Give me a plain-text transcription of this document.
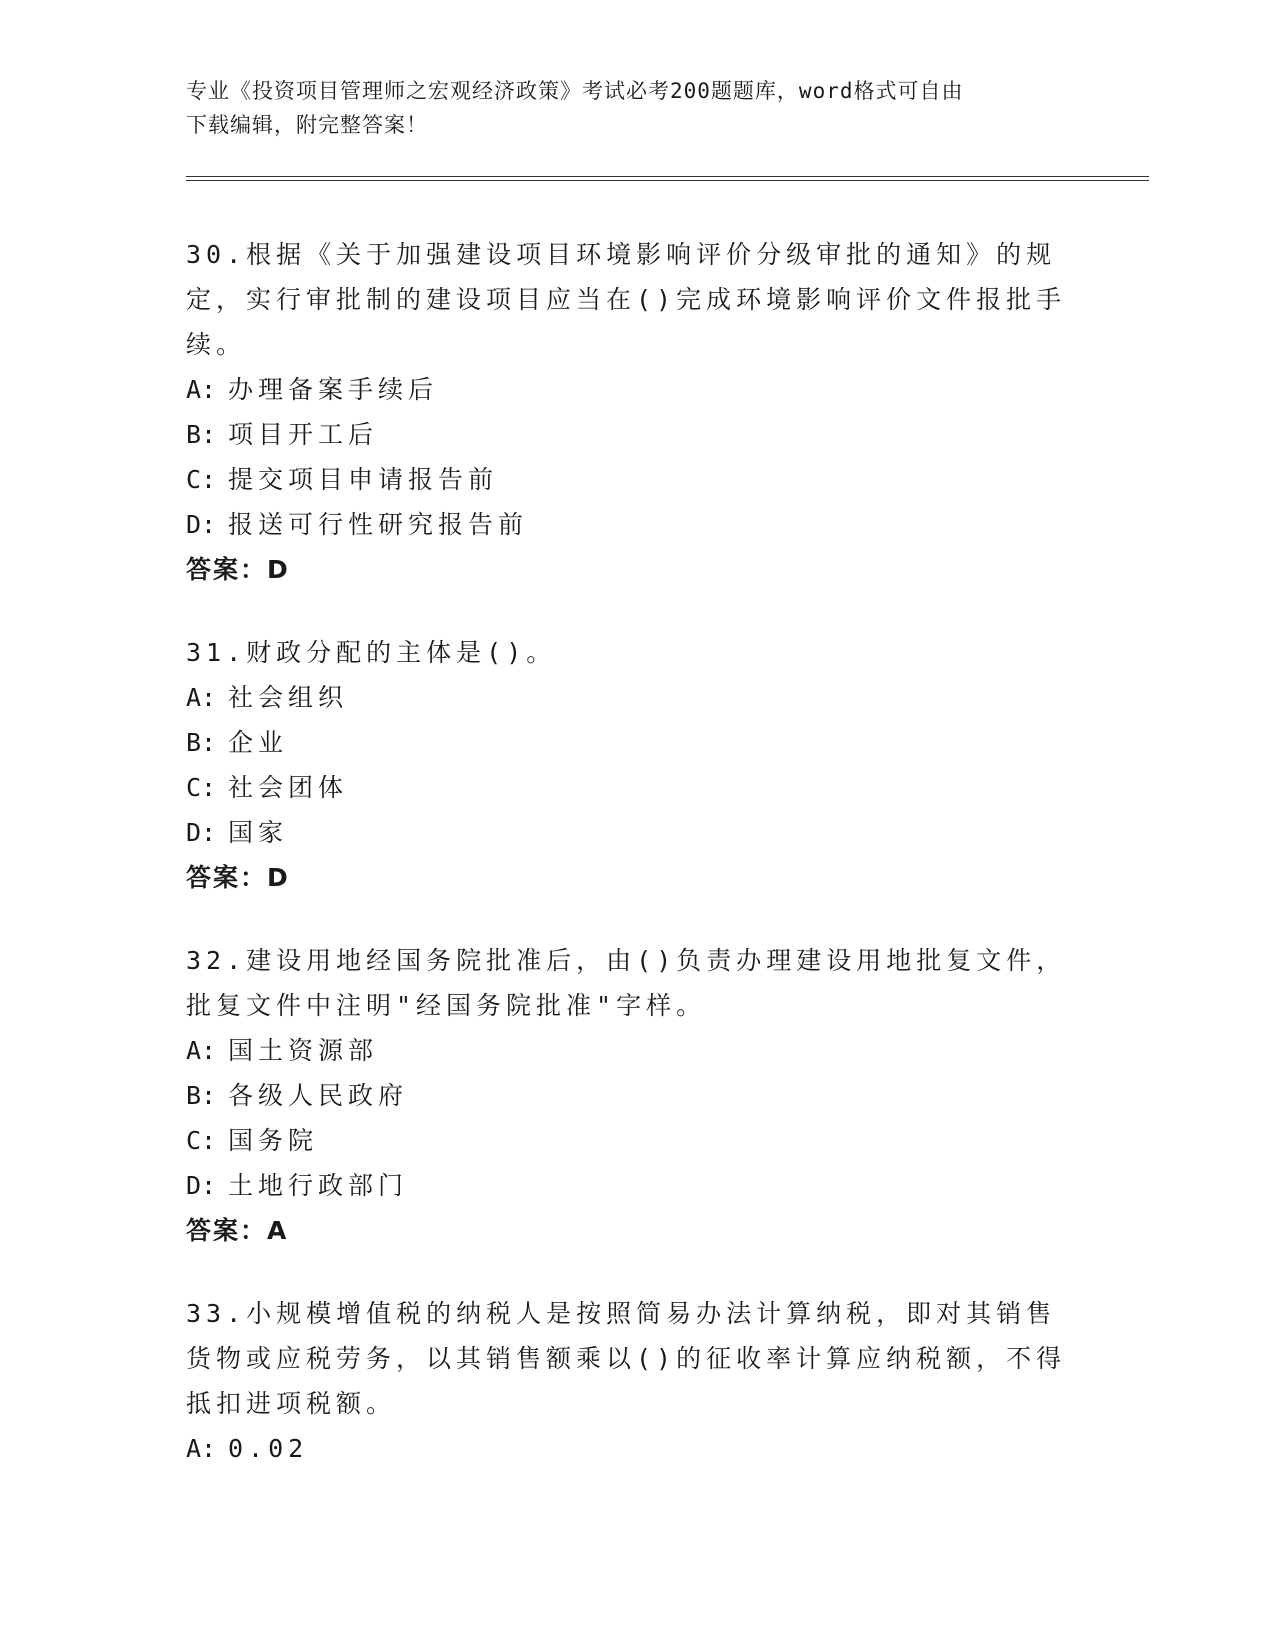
专业《投资项目管理师之宏观经济政策》考试必考200题题库，word格式可自由
下载编辑，附完整答案！
30.根据《关于加强建设项目环境影响评价分级审批的通知》的规定，实行审批制的建设项目应当在()完成环境影响评价文件报批手续。
A: 办理备案手续后
B: 项目开工后
C: 提交项目申请报告前
D: 报送可行性研究报告前
答案：D
31.财政分配的主体是()。
A: 社会组织
B: 企业
C: 社会团体
D: 国家
答案：D
32.建设用地经国务院批准后，由()负责办理建设用地批复文件，批复文件中注明"经国务院批准"字样。
A: 国土资源部
B: 各级人民政府
C: 国务院
D: 土地行政部门
答案：A
33.小规模增值税的纳税人是按照简易办法计算纳税，即对其销售货物或应税劳务，以其销售额乘以()的征收率计算应纳税额，不得抵扣进项税额。
A: 0.02
